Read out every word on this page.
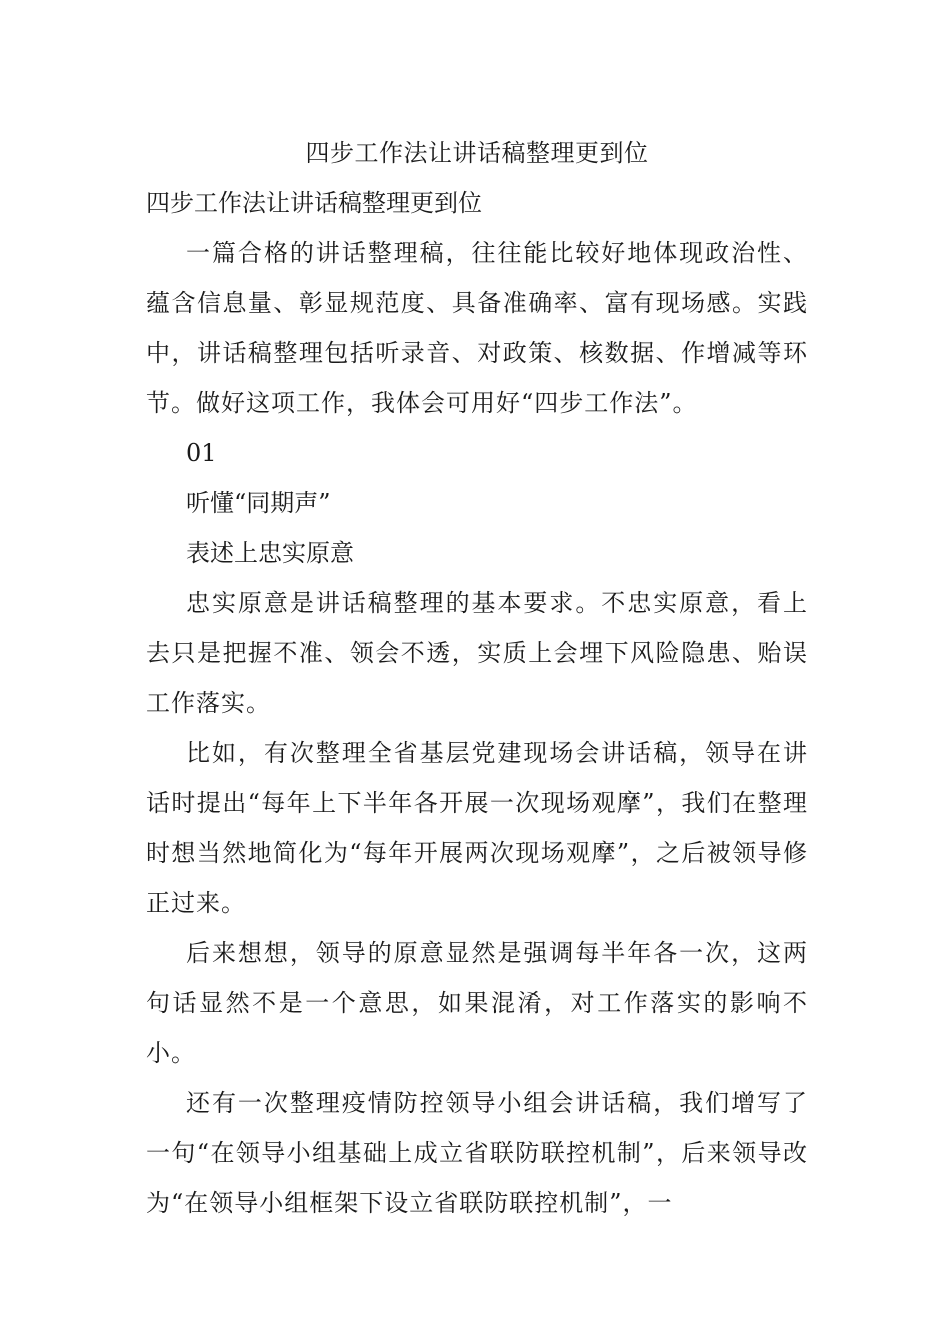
四步工作法让讲话稿整理更到位

四步工作法让讲话稿整理更到位

一篇合格的讲话整理稿，往往能比较好地体现政治性、蕴含信息量、彰显规范度、具备准确率、富有现场感。实践中，讲话稿整理包括听录音、对政策、核数据、作增减等环节。做好这项工作，我体会可用好“四步工作法”。

01

听懂“同期声”

表述上忠实原意

忠实原意是讲话稿整理的基本要求。不忠实原意，看上去只是把握不准、领会不透，实质上会埋下风险隐患、贻误工作落实。

比如，有次整理全省基层党建现场会讲话稿，领导在讲话时提出“每年上下半年各开展一次现场观摩”，我们在整理时想当然地简化为“每年开展两次现场观摩”，之后被领导修正过来。

后来想想，领导的原意显然是强调每半年各一次，这两句话显然不是一个意思，如果混淆，对工作落实的影响不小。

还有一次整理疫情防控领导小组会讲话稿，我们增写了一句“在领导小组基础上成立省联防联控机制”，后来领导改为“在领导小组框架下设立省联防联控机制”，一
